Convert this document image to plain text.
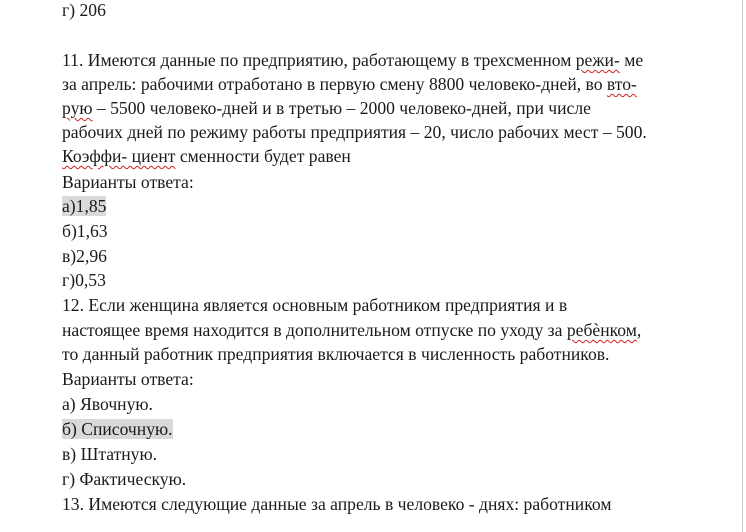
г) 206
11. Имеются данные по предприятию, работающему в трехсменном режи- ме
за апрель: рабочими отработано в первую смену 8800 человеко-дней, во вто-
рую – 5500 человеко-дней и в третью – 2000 человеко-дней, при числе
рабочих дней по режиму работы предприятия – 20, число рабочих мест – 500.
Коэффи- циент сменности будет равен
Варианты ответа:
а)1,85
б)1,63
в)2,96
г)0,53
12. Если женщина является основным работником предприятия и в
настоящее время находится в дополнительном отпуске по уходу за ребѐнком,
то данный работник предприятия включается в численность работников.
Варианты ответа:
а) Явочную.
б) Списочную.
в) Штатную.
г) Фактическую.
13. Имеются следующие данные за апрель в человеко - днях: работником
